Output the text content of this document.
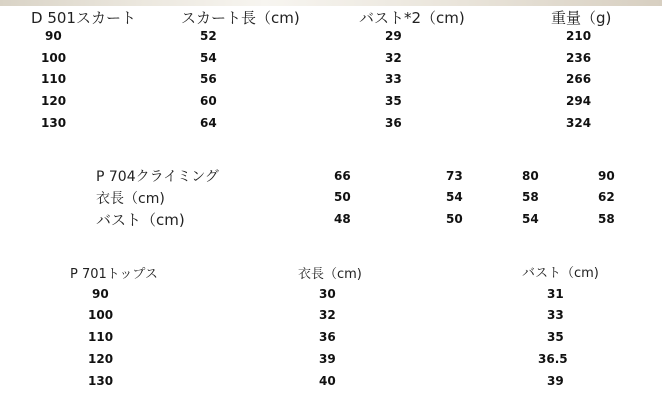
D 501スカート	スカート長（cm)	バスト*2（cm)	重量（g)
90	52	29	210
100	54	32	236
110	56	33	266
120	60	35	294
130	64	36	324
P 704クライミング	66	73	80	90
衣長（cm)	50	54	58	62
バスト（cm)	48	50	54	58
P 701トップス	衣長（cm)	バスト（cm)
90	30	31
100	32	33
110	36	35
120	39	36.5
130	40	39
